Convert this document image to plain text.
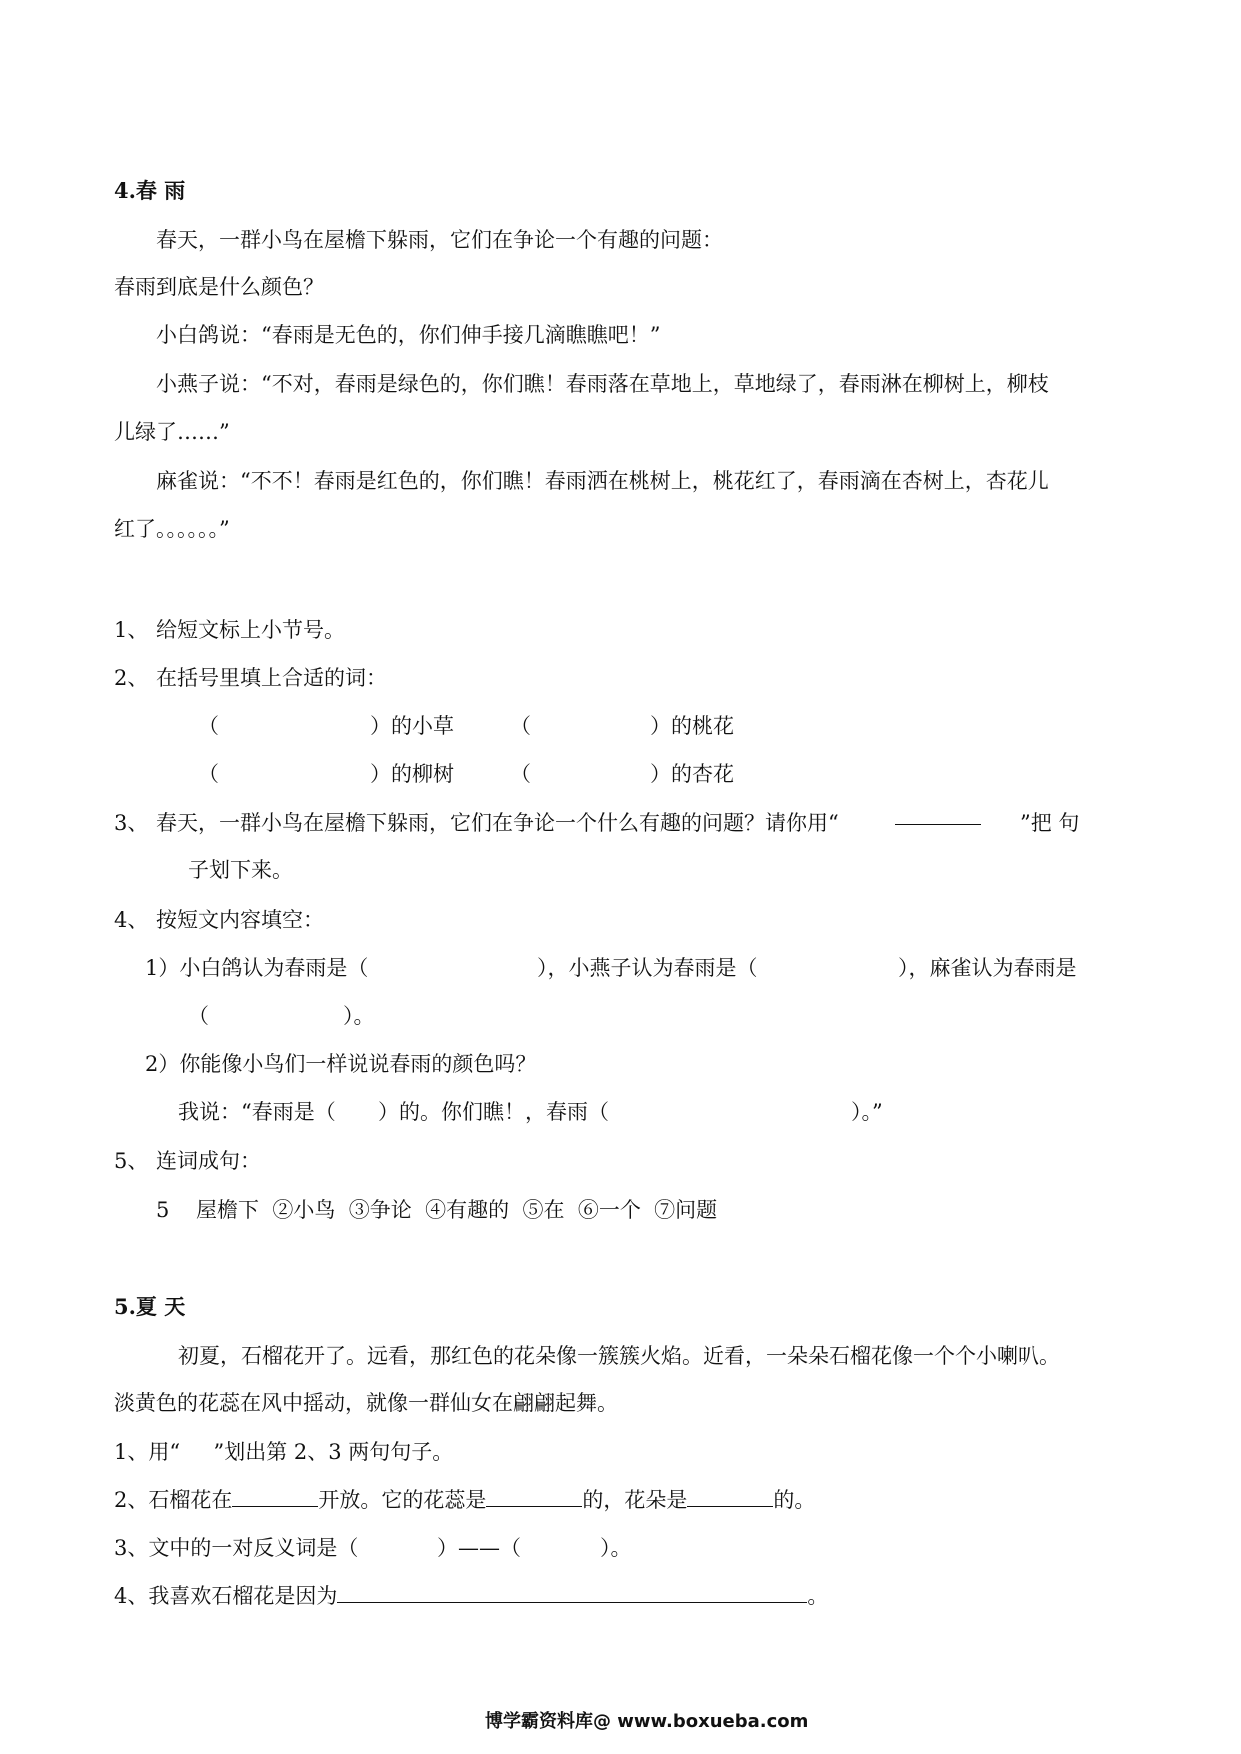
4.春 雨
春天，一群小鸟在屋檐下躲雨，它们在争论一个有趣的问题：
春雨到底是什么颜色？
小白鸽说：“春雨是无色的，你们伸手接几滴瞧瞧吧！”
小燕子说：“不对，春雨是绿色的，你们瞧！春雨落在草地上，草地绿了，春雨淋在柳树上，柳枝
儿绿了……”
麻雀说：“不不！春雨是红色的，你们瞧！春雨洒在桃树上，桃花红了，春雨滴在杏树上，杏花儿
红了。。。。。。”
1、 给短文标上小节号。
2、 在括号里填上合适的词：
（	）的小草	（	）的桃花
（	）的柳树	（	）的杏花
3、 春天，一群小鸟在屋檐下躲雨，它们在争论一个什么有趣的问题？请你用“	”把 句
子划下来。
4、 按短文内容填空：
1）小白鸽认为春雨是（	），小燕子认为春雨是（	），麻雀认为春雨是
（	）。
2）你能像小鸟们一样说说春雨的颜色吗？
我说：“春雨是（ ）的。你们瞧！，春雨（	）。”
5、 连词成句：
5    屋檐下  ②小鸟  ③争论  ④有趣的  ⑤在  ⑥一个  ⑦问题
5.夏 天
初夏，石榴花开了。远看，那红色的花朵像一簇簇火焰。近看，一朵朵石榴花像一个个小喇叭。
淡黄色的花蕊在风中摇动，就像一群仙女在翩翩起舞。
1、用“     ”划出第 2、3 两句句子。
2、石榴花在	开放。它的花蕊是	的，花朵是	的。
3、文中的一对反义词是（	）——（	）。
4、我喜欢石榴花是因为	。
博学霸资料库@ www.boxueba.com
